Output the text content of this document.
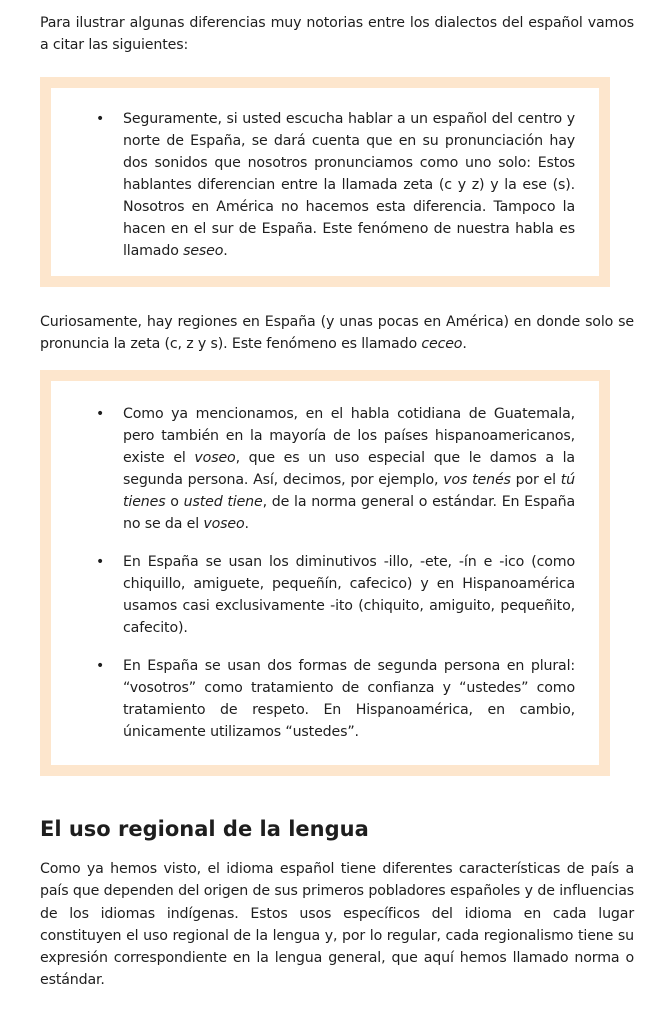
Para ilustrar algunas diferencias muy notorias entre los dialectos del español vamos a citar las siguientes:

• Seguramente, si usted escucha hablar a un español del centro y norte de España, se dará cuenta que en su pronunciación hay dos sonidos que nosotros pronunciamos como uno solo: Estos hablantes diferencian entre la llamada zeta (c y z) y la ese (s). Nosotros en América no hacemos esta diferencia. Tampoco la hacen en el sur de España. Este fenómeno de nuestra habla es llamado seseo.

Curiosamente, hay regiones en España (y unas pocas en América) en donde solo se pronuncia la zeta (c, z y s). Este fenómeno es llamado ceceo.

• Como ya mencionamos, en el habla cotidiana de Guatemala, pero también en la mayoría de los países hispanoamericanos, existe el voseo, que es un uso especial que le damos a la segunda persona. Así, decimos, por ejemplo, vos tenés por el tú tienes o usted tiene, de la norma general o estándar. En España no se da el voseo.
• En España se usan los diminutivos -illo, -ete, -ín e -ico (como chiquillo, amiguete, pequeñín, cafecico) y en Hispanoamérica usamos casi exclusivamente -ito (chiquito, amiguito, pequeñito, cafecito).
• En España se usan dos formas de segunda persona en plural: “vosotros” como tratamiento de confianza y “ustedes” como tratamiento de respeto. En Hispanoamérica, en cambio, únicamente utilizamos “ustedes”.
El uso regional de la lengua

Como ya hemos visto, el idioma español tiene diferentes características de país a país que dependen del origen de sus primeros pobladores españoles y de influencias de los idiomas indígenas. Estos usos específicos del idioma en cada lugar constituyen el uso regional de la lengua y, por lo regular, cada regionalismo tiene su expresión correspondiente en la lengua general, que aquí hemos llamado norma o estándar.
